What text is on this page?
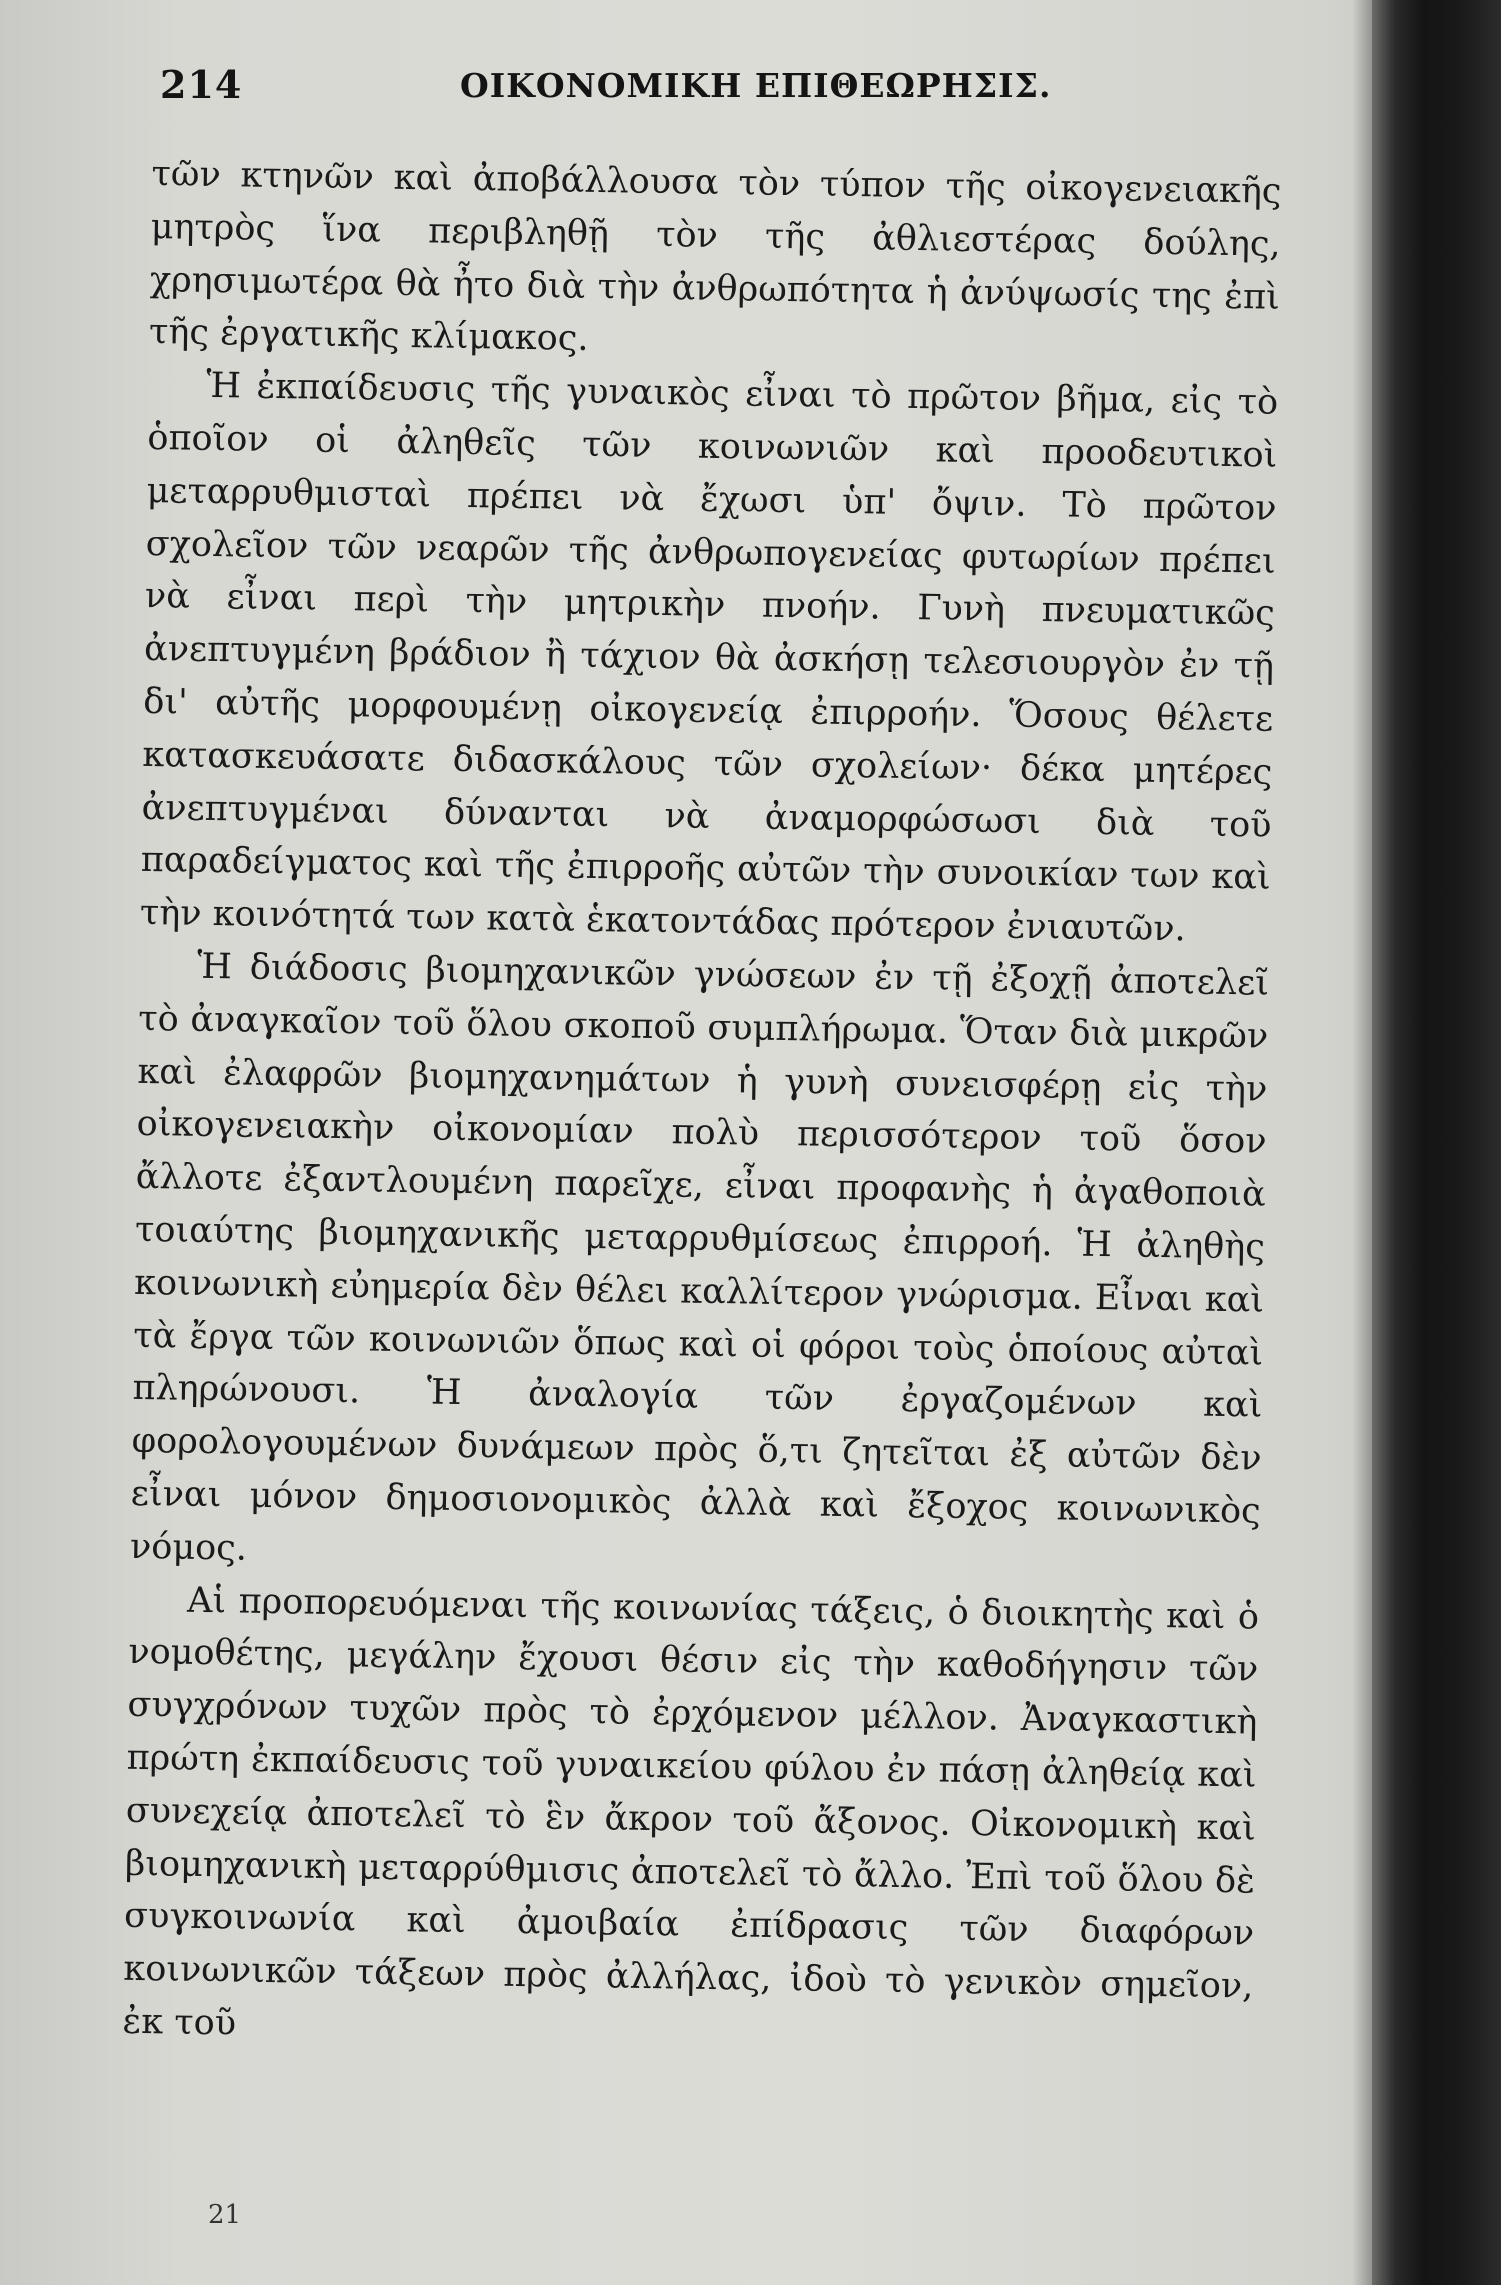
214	ΟΙΚΟΝΟΜΙΚΗ ΕΠΙΘΕΩΡΗΣΙΣ.

τῶν κτηνῶν καὶ ἀποβάλλουσα τὸν τύπον τῆς οἰκογενειακῆς μητρὸς ἵνα περιβληθῇ τὸν τῆς ἀθλιεστέρας δούλης, χρησιμωτέρα θὰ ἦτο διὰ τὴν ἀνθρωπότητα ἡ ἀνύψωσίς της ἐπὶ τῆς ἐργατικῆς κλίμακος.

Ἡ ἐκπαίδευσις τῆς γυναικὸς εἶναι τὸ πρῶτον βῆμα, εἰς τὸ ὁποῖον οἱ ἀληθεῖς τῶν κοινωνιῶν καὶ προοδευτικοὶ μεταρρυθμισταὶ πρέπει νὰ ἔχωσι ὑπ' ὄψιν. Τὸ πρῶτον σχολεῖον τῶν νεαρῶν τῆς ἀνθρωπογενείας φυτωρίων πρέπει νὰ εἶναι περὶ τὴν μητρικὴν πνοήν. Γυνὴ πνευματικῶς ἀνεπτυγμένη βράδιον ἢ τάχιον θὰ ἀσκήσῃ τελεσιουργὸν ἐν τῇ δι' αὐτῆς μορφουμένῃ οἰκογενείᾳ ἐπιρροήν. Ὅσους θέλετε κατασκευάσατε διδασκάλους τῶν σχολείων· δέκα μητέρες ἀνεπτυγμέναι δύνανται νὰ ἀναμορφώσωσι διὰ τοῦ παραδείγματος καὶ τῆς ἐπιρροῆς αὐτῶν τὴν συνοικίαν των καὶ τὴν κοινότητά των κατὰ ἑκατοντάδας πρότερον ἐνιαυτῶν.

Ἡ διάδοσις βιομηχανικῶν γνώσεων ἐν τῇ ἐξοχῇ ἀποτελεῖ τὸ ἀναγκαῖον τοῦ ὅλου σκοποῦ συμπλήρωμα. Ὅταν διὰ μικρῶν καὶ ἐλαφρῶν βιομηχανημάτων ἡ γυνὴ συνεισφέρῃ εἰς τὴν οἰκογενειακὴν οἰκονομίαν πολὺ περισσότερον τοῦ ὅσον ἄλλοτε ἐξαντλουμένη παρεῖχε, εἶναι προφανὴς ἡ ἀγαθοποιὰ τοιαύτης βιομηχανικῆς μεταρρυθμίσεως ἐπιρροή. Ἡ ἀληθὴς κοινωνικὴ εὐημερία δὲν θέλει καλλίτερον γνώρισμα. Εἶναι καὶ τὰ ἔργα τῶν κοινωνιῶν ὅπως καὶ οἱ φόροι τοὺς ὁποίους αὐταὶ πληρώνουσι. Ἡ ἀναλογία τῶν ἐργαζομένων καὶ φορολογουμένων δυνάμεων πρὸς ὅ,τι ζητεῖται ἐξ αὐτῶν δὲν εἶναι μόνον δημοσιονομικὸς ἀλλὰ καὶ ἔξοχος κοινωνικὸς νόμος.

Αἱ προπορευόμεναι τῆς κοινωνίας τάξεις, ὁ διοικητὴς καὶ ὁ νομοθέτης, μεγάλην ἔχουσι θέσιν εἰς τὴν καθοδήγησιν τῶν συγχρόνων τυχῶν πρὸς τὸ ἐρχόμενον μέλλον. Ἀναγκαστικὴ πρώτη ἐκπαίδευσις τοῦ γυναικείου φύλου ἐν πάσῃ ἀληθείᾳ καὶ συνεχείᾳ ἀποτελεῖ τὸ ἓν ἄκρον τοῦ ἄξονος. Οἰκονομικὴ καὶ βιομηχανικὴ μεταρρύθμισις ἀποτελεῖ τὸ ἄλλο. Ἐπὶ τοῦ ὅλου δὲ συγκοινωνία καὶ ἀμοιβαία ἐπίδρασις τῶν διαφόρων κοινωνικῶν τάξεων πρὸς ἀλλήλας, ἰδοὺ τὸ γενικὸν σημεῖον, ἐκ τοῦ

21
